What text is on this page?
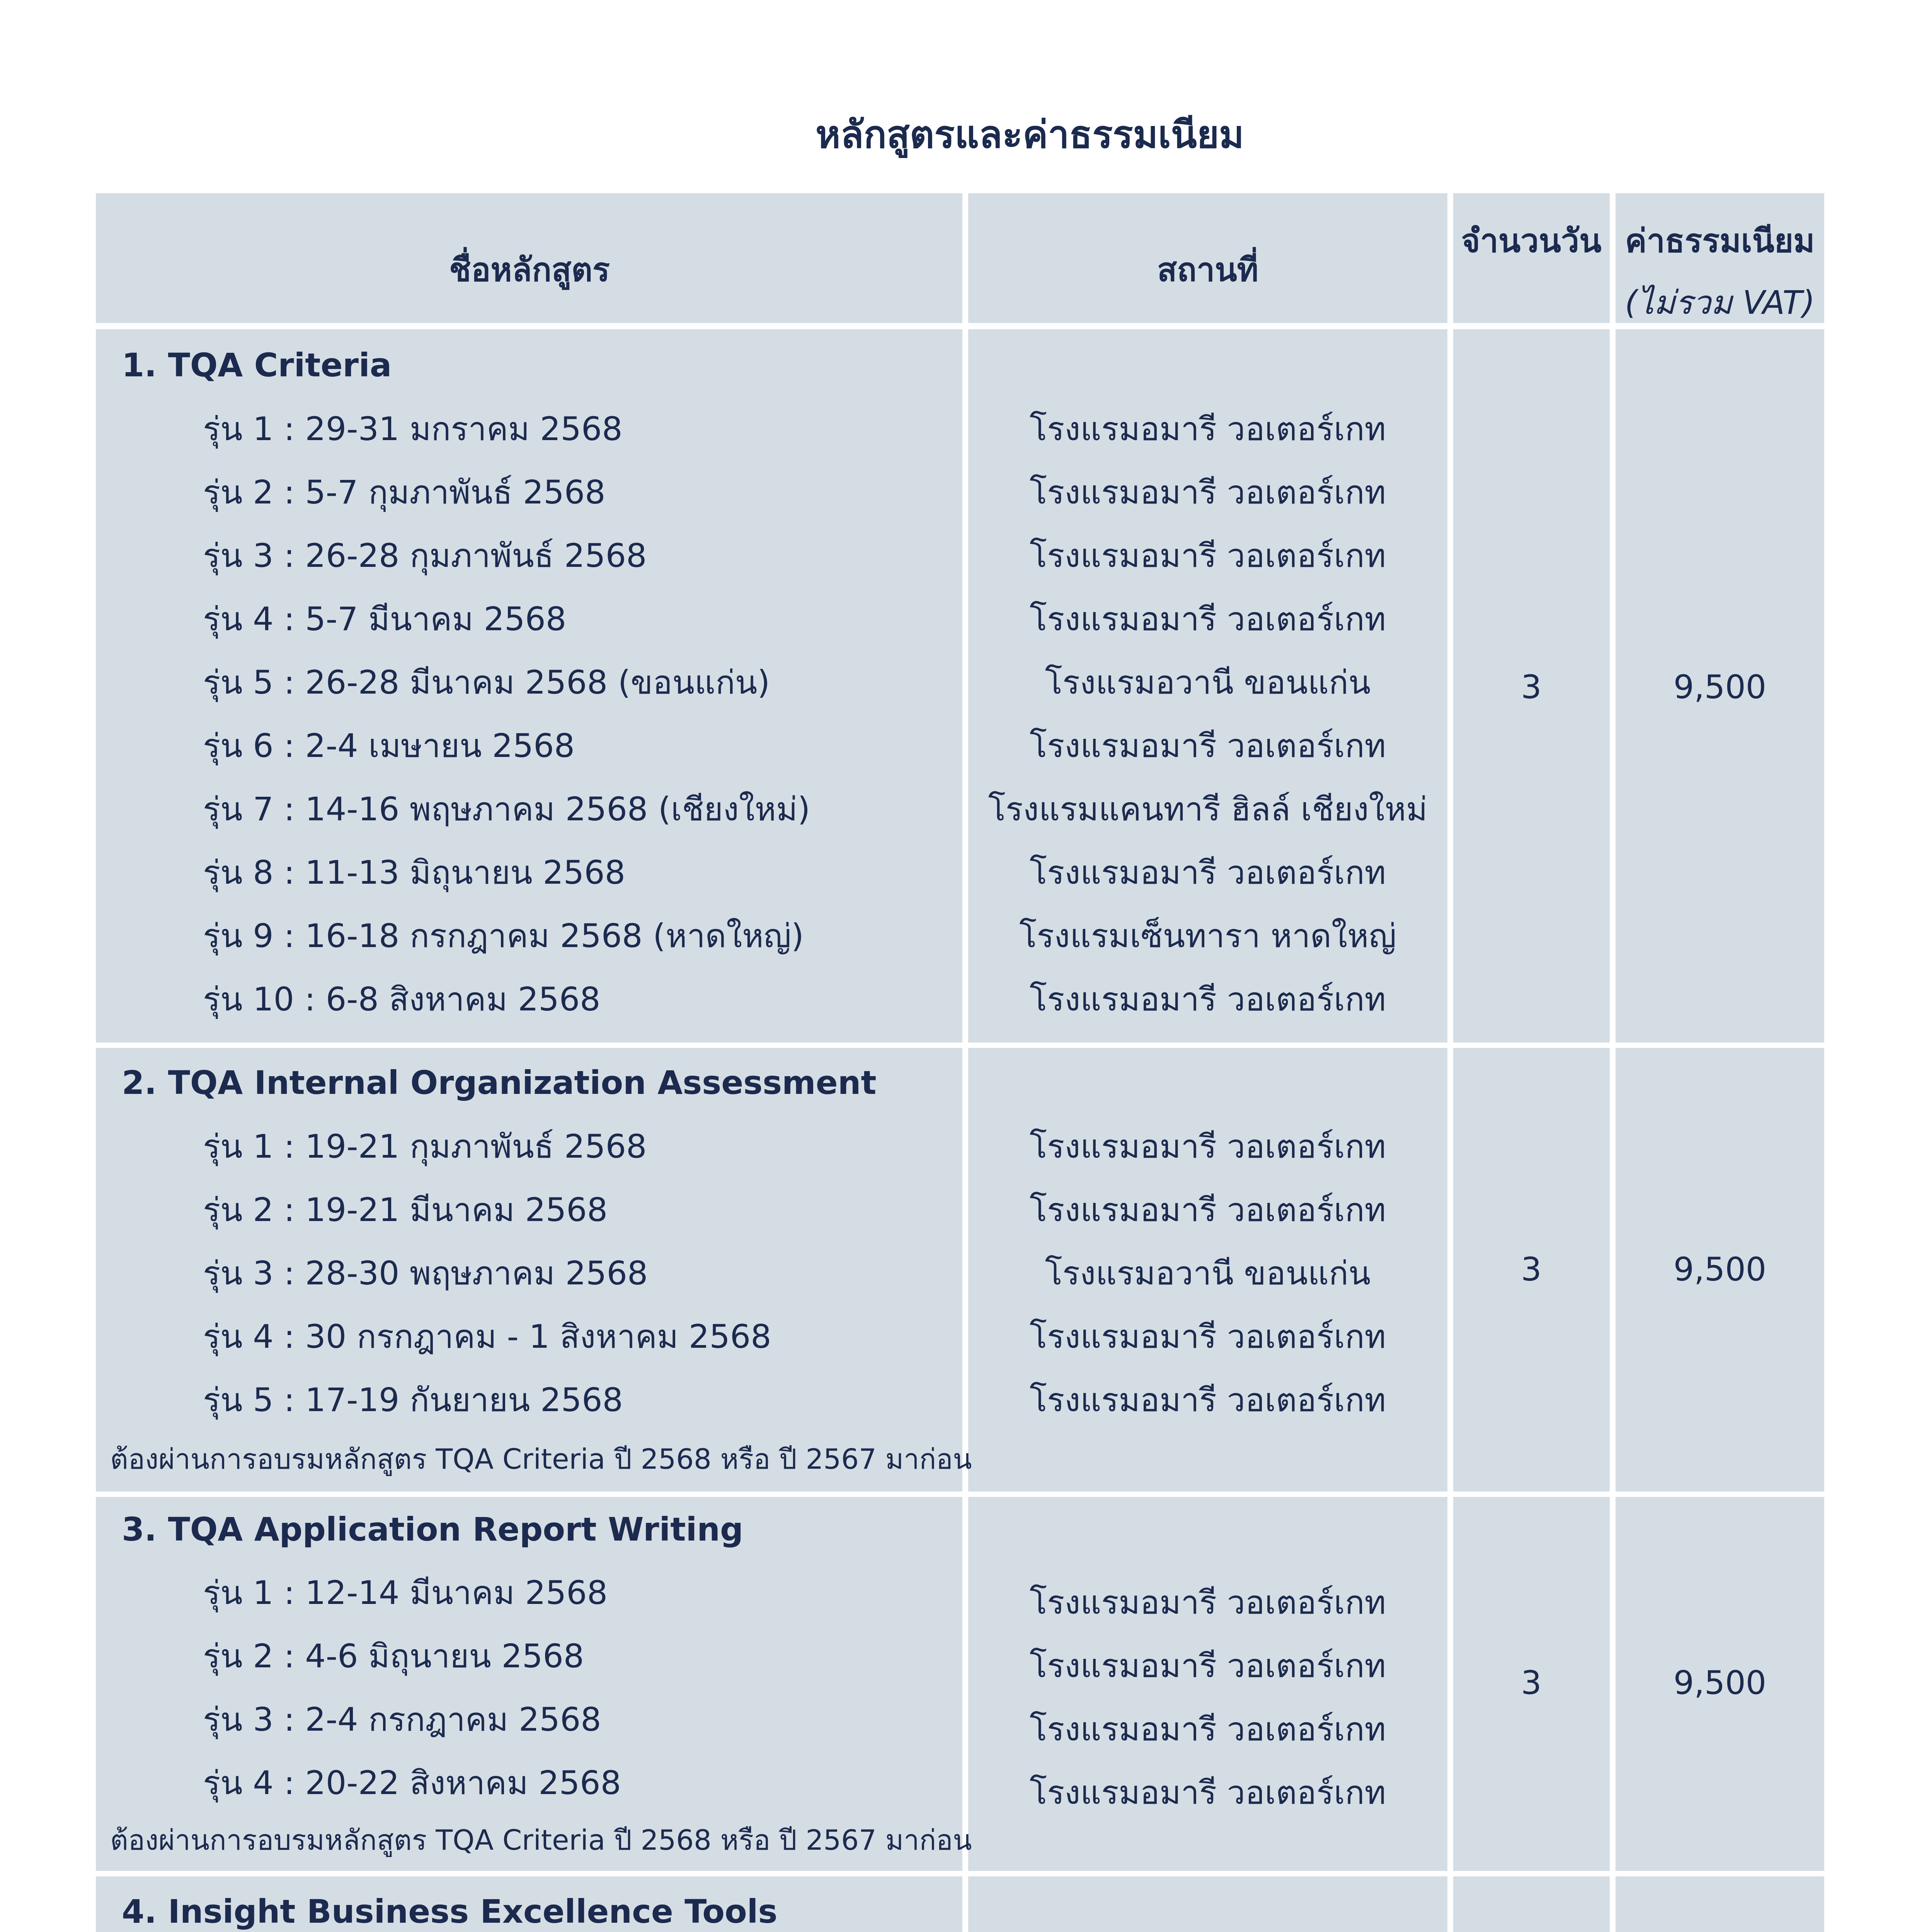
หลักสูตรและค่าธรรมเนียม
ชื่อหลักสูตร	สถานที่
จำนวนวัน ค่าธรรมเนียม
(ไม่รวม VAT)
1. TQA Criteria
รุ่น 1 : 29-31 มกราคม 2568	โรงแรมอมารี วอเตอร์เกท
รุ่น 2 : 5-7 กุมภาพันธ์ 2568	โรงแรมอมารี วอเตอร์เกท
รุ่น 3 : 26-28 กุมภาพันธ์ 2568	โรงแรมอมารี วอเตอร์เกท
รุ่น 4 : 5-7 มีนาคม 2568	โรงแรมอมารี วอเตอร์เกท
รุ่น 5 : 26-28 มีนาคม 2568 (ขอนแก่น)	โรงแรมอวานี ขอนแก่น
รุ่น 6 : 2-4 เมษายน 2568	โรงแรมอมารี วอเตอร์เกท
รุ่น 7 : 14-16 พฤษภาคม 2568 (เชียงใหม่)	โรงแรมแคนทารี ฮิลล์ เชียงใหม่
รุ่น 8 : 11-13 มิถุนายน 2568	โรงแรมอมารี วอเตอร์เกท
รุ่น 9 : 16-18 กรกฎาคม 2568 (หาดใหญ่)	โรงแรมเซ็นทารา หาดใหญ่
รุ่น 10 : 6-8 สิงหาคม 2568	โรงแรมอมารี วอเตอร์เกท
3	9,500
2. TQA Internal Organization Assessment
รุ่น 1 : 19-21 กุมภาพันธ์ 2568	โรงแรมอมารี วอเตอร์เกท
รุ่น 2 : 19-21 มีนาคม 2568	โรงแรมอมารี วอเตอร์เกท
รุ่น 3 : 28-30 พฤษภาคม 2568	โรงแรมอวานี ขอนแก่น
รุ่น 4 : 30 กรกฎาคม - 1 สิงหาคม 2568	โรงแรมอมารี วอเตอร์เกท
รุ่น 5 : 17-19 กันยายน 2568	โรงแรมอมารี วอเตอร์เกท
ต้องผ่านการอบรมหลักสูตร TQA Criteria ปี 2568 หรือ ปี 2567 มาก่อน
3	9,500
3. TQA Application Report Writing
รุ่น 1 : 12-14 มีนาคม 2568	โรงแรมอมารี วอเตอร์เกท
รุ่น 2 : 4-6 มิถุนายน 2568	โรงแรมอมารี วอเตอร์เกท
รุ่น 3 : 2-4 กรกฎาคม 2568	โรงแรมอมารี วอเตอร์เกท
รุ่น 4 : 20-22 สิงหาคม 2568	โรงแรมอมารี วอเตอร์เกท
ต้องผ่านการอบรมหลักสูตร TQA Criteria ปี 2568 หรือ ปี 2567 มาก่อน
3	9,500
4. Insight Business Excellence Tools
